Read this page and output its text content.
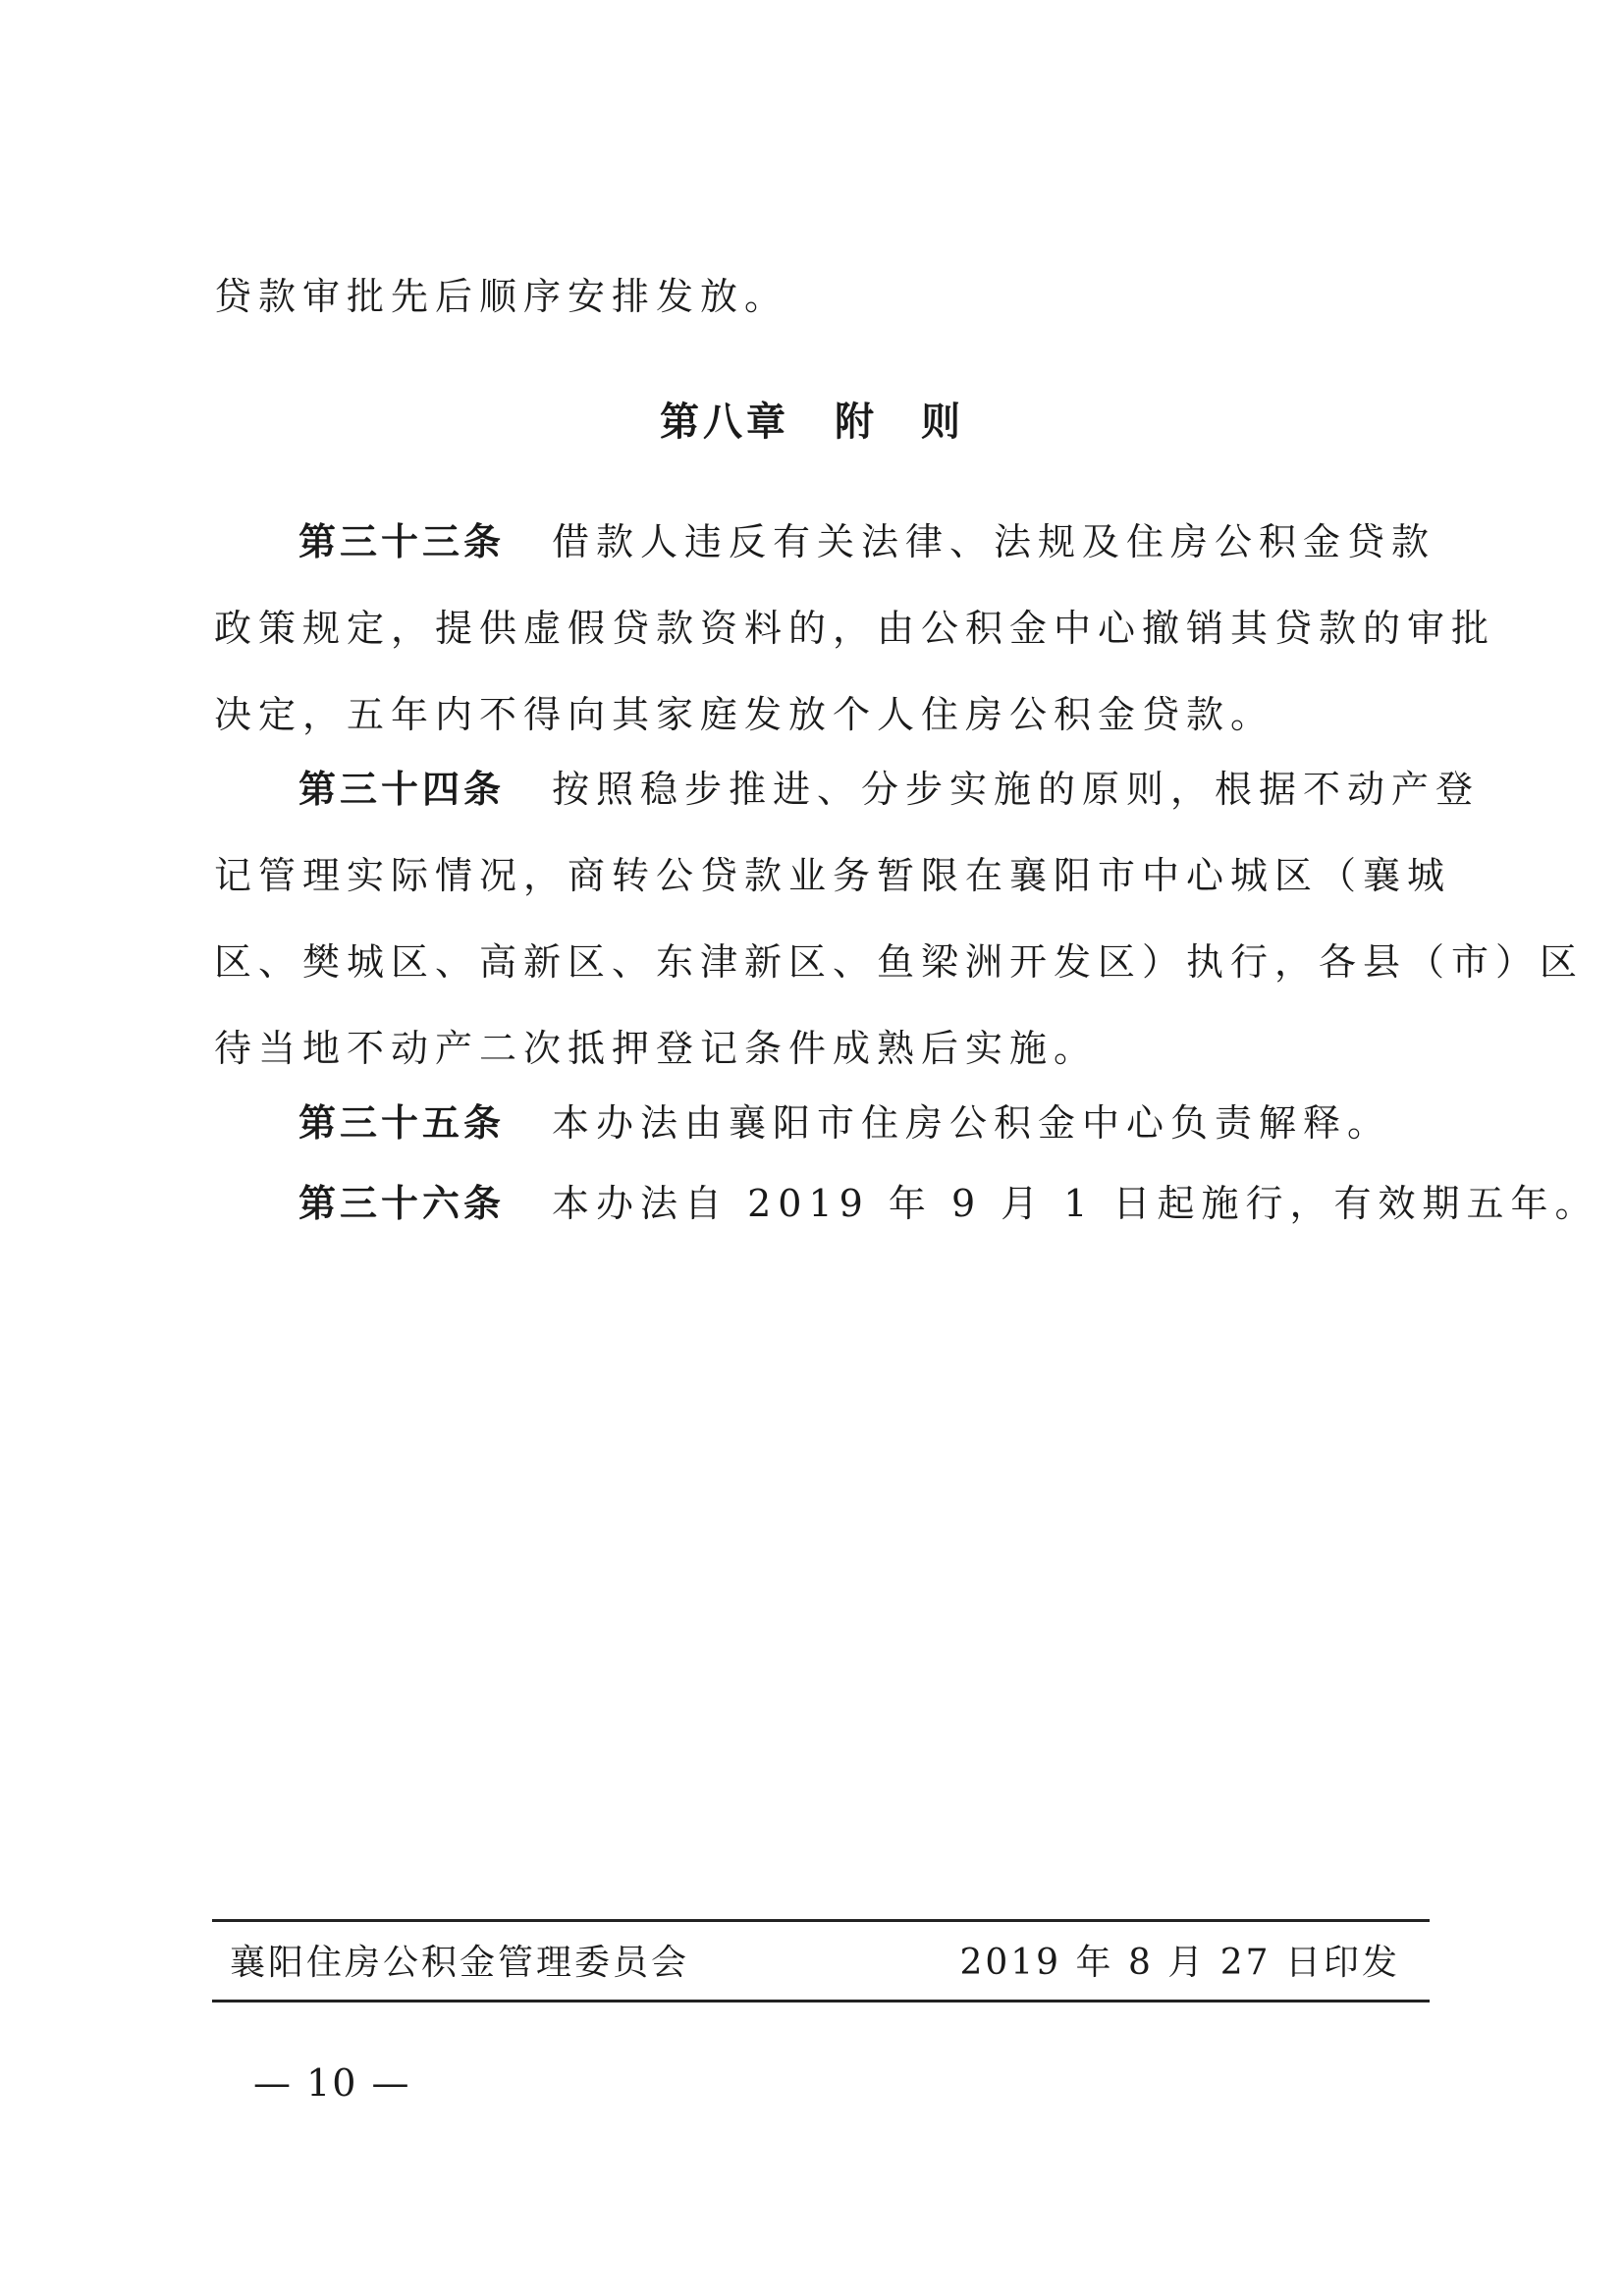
贷款审批先后顺序安排发放。

第八章 附　则
第三十三条 借款人违反有关法律、法规及住房公积金贷款
政策规定，提供虚假贷款资料的，由公积金中心撤销其贷款的审批
决定，五年内不得向其家庭发放个人住房公积金贷款。
第三十四条 按照稳步推进、分步实施的原则，根据不动产登
记管理实际情况，商转公贷款业务暂限在襄阳市中心城区（襄城
区、樊城区、高新区、东津新区、鱼梁洲开发区）执行，各县（市）区
待当地不动产二次抵押登记条件成熟后实施。
第三十五条 本办法由襄阳市住房公积金中心负责解释。
第三十六条 本办法自 2019 年 9 月 1 日起施行，有效期五年。
襄阳住房公积金管理委员会	2019 年 8 月 27 日印发
— 10 —
